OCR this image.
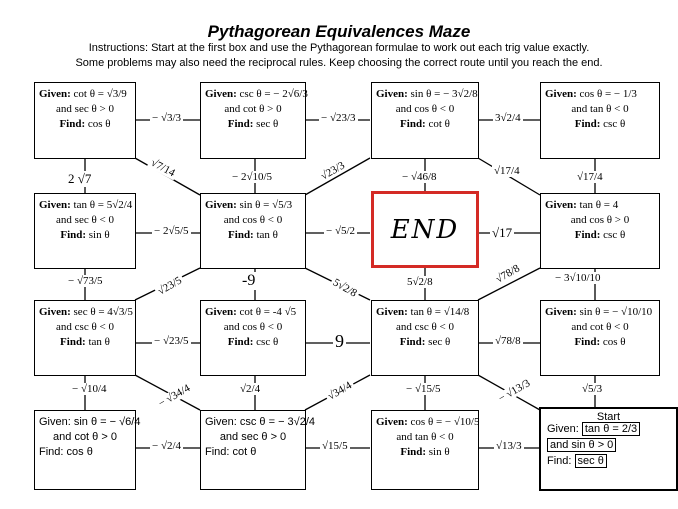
Pythagorean Equivalences Maze
Instructions: Start at the first box and use the Pythagorean formulae to work out each trig value exactly.
Some problems may also need the reciprocal rules. Keep choosing the correct route until you reach the end.
Given: cot θ = √3/9
and sec θ > 0
Find: cos θ
Given: csc θ = − 2√6/3
and cot θ > 0
Find: sec θ
Given: sin θ = − 3√2/8
and cos θ < 0
Find: cot θ
Given: cos θ = − 1/3
and tan θ < 0
Find: csc θ
Given: tan θ = 5√2/4
and sec θ < 0
Find: sin θ
Given: sin θ = √5/3
and cos θ < 0
Find: tan θ	END
Given: tan θ = 4
and cos θ > 0
Find: csc θ
Given: sec θ = 4√3/5
and csc θ < 0
Find: tan θ
Given: cot θ = -4 √5
and cos θ < 0
Find: csc θ
Given: tan θ = √14/8
and csc θ < 0
Find: sec θ
Given: sin θ = − √10/10
and cot θ < 0
Find: cos θ
Given: sin θ = − √6/4
and cot θ > 0
Find: cos θ
Given: csc θ = − 3√2/4
and sec θ > 0
Find: cot θ
Given: cos θ = − √10/5
and tan θ < 0
Find: sin θ
Start
Given: tan θ = 2/3
and sin θ > 0
Find: sec θ
− √3/3	− √23/3	3√2/4
√7/14	√23/3	√17/4
2 √7	− 2√10/5	− √46/8	√17/4
− 2√5/5	− √5/2	√17
− 3√10/10
− √73/5	√23/5	-9	5√2/8	5√2/8	√78/8
− √23/5	9	√78/8
− √10/4	− √34/4	√2/4	√34/4	− √15/5	− √13/3	√5/3
− √2/4	√15/5	√13/3
